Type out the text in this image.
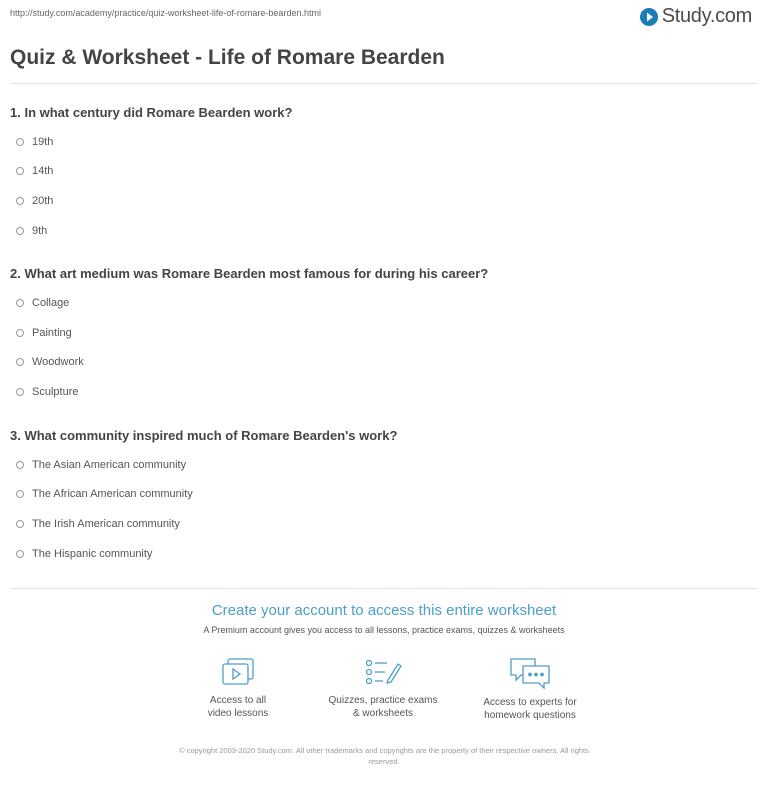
http://study.com/academy/practice/quiz-worksheet-life-of-romare-bearden.html	Study.com
Quiz & Worksheet - Life of Romare Bearden
1. In what century did Romare Bearden work?
19th
14th
20th
9th
2. What art medium was Romare Bearden most famous for during his career?
Collage
Painting
Woodwork
Sculpture
3. What community inspired much of Romare Bearden's work?
The Asian American community
The African American community
The Irish American community
The Hispanic community
Create your account to access this entire worksheet
A Premium account gives you access to all lessons, practice exams, quizzes & worksheets
Access to all
video lessons
Quizzes, practice exams
& worksheets
Access to experts for
homework questions
© copyright 2003-2020 Study.com. All other trademarks and copyrights are the property of their respective owners. All rights
reserved.
